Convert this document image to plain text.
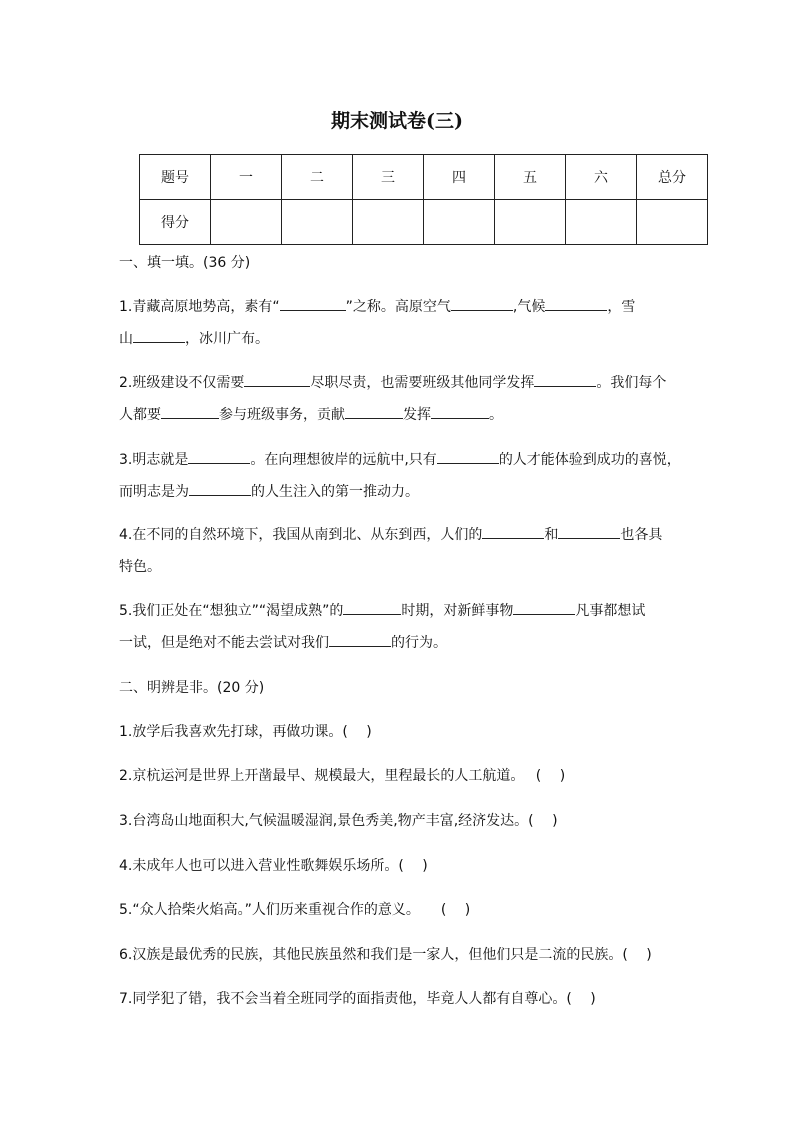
期末测试卷(三)
题号	一	二	三	四	五	六	总分
得分							
一、填一填。(36 分)
1.青藏高原地势高，素有“	”之称。高原空气	,气候	，雪
山	，冰川广布。
2.班级建设不仅需要	尽职尽责，也需要班级其他同学发挥	。我们每个
人都要	参与班级事务，贡献	发挥	。
3.明志就是	。在向理想彼岸的远航中,只有	的人才能体验到成功的喜悦，
而明志是为	的人生注入的第一推动力。
4.在不同的自然环境下，我国从南到北、从东到西，人们的	和	也各具
特色。
5.我们正处在“想独立”“渴望成熟”的	时期，对新鲜事物	凡事都想试
一试，但是绝对不能去尝试对我们	的行为。
二、明辨是非。(20 分)
1.放学后我喜欢先打球，再做功课。(　 )
2.京杭运河是世界上开凿最早、规模最大，里程最长的人工航道。　 (　 )
3.台湾岛山地面积大,气候温暖湿润,景色秀美,物产丰富,经济发达。(　 )
4.未成年人也可以进入营业性歌舞娱乐场所。(　 )
5.“众人拾柴火焰高。”人们历来重视合作的意义。　　(　 )
6.汉族是最优秀的民族，其他民族虽然和我们是一家人，但他们只是二流的民族。(　 )
7.同学犯了错，我不会当着全班同学的面指责他，毕竟人人都有自尊心。(　 )
